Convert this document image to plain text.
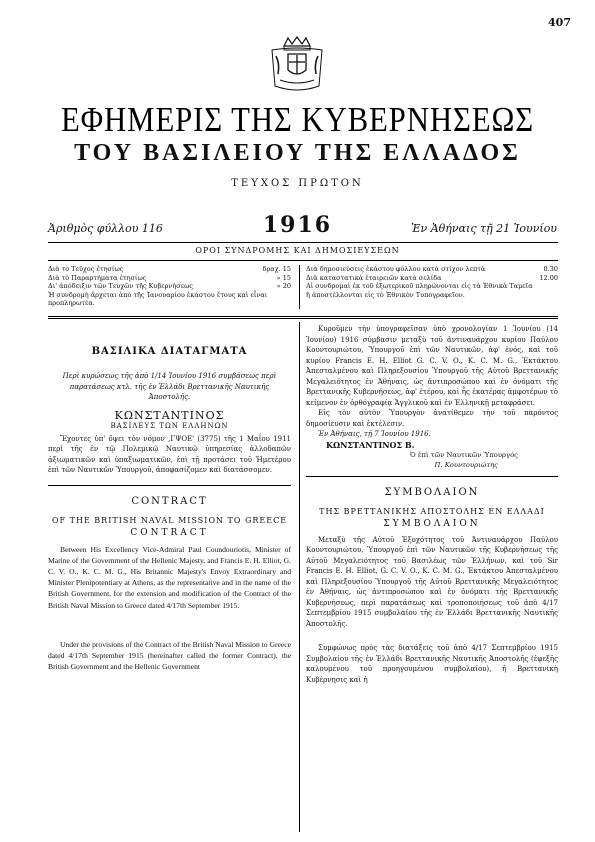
407
ΕΦΗΜΕΡΙΣ ΤΗΣ ΚΥΒΕΡΝΗΣΕΩΣ
ΤΟΥ ΒΑΣΙΛΕΙΟΥ ΤΗΣ ΕΛΛΑΔΟΣ
ΤΕΥΧΟΣ ΠΡΩΤΟΝ
Ἀριθμὸς φύλλου 116	1916	Ἐν Ἀθήναις τῇ 21 Ἰουνίου
ΟΡΟΙ ΣΥΝΔΡΟΜΗΣ ΚΑΙ ΔΗΜΟΣΙΕΥΣΕΩΝ
Διὰ τὸ Τεῦχος ἐτησίως	δραχ. 15
Διὰ τὸ Παραρτήματα ἐτησίως	» 15
Δι' ἀπόδειξιν τῶν Τευχῶν τῆς Κυβερνήσεως	» 20
Ἡ συνδρομὴ ἄρχεται ἀπὸ τῆς Ἰανουαρίου ἑκάστου ἔτους καὶ εἶναι
προπληρωτέα.
Διὰ δημοσιεύσεις ἑκάστου φύλλου κατὰ στίχον λεπτὰ	0.30
Διὰ καταστατικὰ ἑταιρειῶν κατὰ σελίδα	12.00
Αἱ συνδρομαὶ ἐκ τοῦ ἐξωτερικοῦ πληρώνονται εἰς τὰ Ἐθνικὰ Ταμεῖα
ἢ ἀποστέλλονται εἰς τὸ Ἐθνικὸν Τυπογραφεῖον.
ΒΑΣΙΛΙΚΑ ΔΙΑΤΑΓΜΑΤΑ
Περὶ κυρώσεως τῆς ἀπὸ 1/14 Ἰουνίου 1916 συμβάσεως περὶ παρατάσεως κτλ. τῆς ἐν Ἑλλάδι Βρεττανικῆς Ναυτικῆς Ἀποστολῆς.
ΚΩΝΣΤΑΝΤΙΝΟΣ
ΒΑΣΙΛΕΥΣ ΤΩΝ ΕΛΛΗΝΩΝ
Ἔχοντες ὑπ' ὄψει τὸν νόμον ,ΓΨΟΕ' (3775) τῆς 1 Μαΐου 1911 περὶ τῆς ἐν τῷ Πολεμικῷ Ναυτικῷ ὑπηρεσίας ἀλλοδαπῶν ἀξιωματικῶν καὶ ὑπαξιωματικῶν, ἐπὶ τῇ προτάσει τοῦ Ἡμετέρου ἐπὶ τῶν Ναυτικῶν Ὑπουργοῦ, ἀποφασίζομεν καὶ διατάσσομεν.
CONTRACT
OF THE BRITISH NAVAL MISSION TO GREECE
CONTRACT
Between His Excellency Vice-Admiral Paul Coundouriotis, Minister of Marine of the Government of the Hellenic Majesty, and Francis E. H. Elliot, G. C. V. O., K. C. M. G., His Britannic Majesty's Envoy Extraordinary and Minister Plenipotentiary at Athens, as the representative and in the name of the British Government, for the extension and modification of the Contract of the British Naval Mission to Greece dated 4/17th September 1915.
Under the provisions of the Contract of the British Naval Mission to Greece dated 4/17th September 1915 (hereinafter called the former Contract), the British Government and the Hellenic Government
Κυροῦμεν τὴν ὑπογραφεῖσαν ὑπὸ χρονολογίαν 1 Ἰουνίου (14 Ἰουνίου) 1916 σύμβασιν μεταξὺ τοῦ ἀντιναυάρχου κυρίου Παύλου Κουντουριώτου, Ὑπουργοῦ ἐπὶ τῶν Ναυτικῶν, ἀφ' ἑνός, καὶ τοῦ κυρίου Francis E. H. Elliot G. C. V. O., K. C. M. G., Ἐκτάκτου Ἀπεσταλμένου καὶ Πληρεξουσίου Ὑπουργοῦ τῆς Αὐτοῦ Βρεττανικῆς Μεγαλειότητος ἐν Ἀθήναις, ὡς ἀντιπροσώπου καὶ ἐν ὀνόματι τῆς Βρεττανικῆς Κυβερνήσεως, ἀφ' ἑτέρου, καὶ ἧς ἑκατέρας ἀμφοτέρων τὸ κείμενον ἐν ὀρθόγραφίᾳ Ἀγγλικοῦ καὶ ἐν Ἑλληνικῇ μεταφράσει.
Εἰς τὸν αὐτὸν Ὑπουργὸν ἀνατίθεμεν τὴν τοῦ παρόντος δημοσίευσιν καὶ ἐκτέλεσιν.
Ἐν Ἀθήναις, τῇ 7 Ἰουνίου 1916.
ΚΩΝΣΤΑΝΤΙΝΟΣ Β.
Ὁ ἐπὶ τῶν Ναυτικῶν Ὑπουργός
Π. Κουντουριώτης
ΣΥΜΒΟΛΑΙΟΝ
ΤΗΣ ΒΡΕΤΤΑΝΙΚΗΣ ΑΠΟΣΤΟΛΗΣ ΕΝ ΕΛΛΑΔΙ
ΣΥΜΒΟΛΑΙΟΝ
Μεταξὺ τῆς Αὐτοῦ Ἐξοχότητος τοῦ Ἀντιναυάρχου Παύλου Κουντουριώτου, Ὑπουργοῦ ἐπὶ τῶν Ναυτικῶν τῆς Κυβερνήσεως τῆς Αὐτοῦ Μεγαλειότητος τοῦ Βασιλέως τῶν Ἑλλήνων, καὶ τοῦ Sir Francis E. H. Elliot, G. C. V. O., K. C. M. G., Ἐκτάκτου Ἀπεσταλμένου καὶ Πληρεξουσίου Ὑπουργοῦ τῆς Αὐτοῦ Βρεττανικῆς Μεγαλειότητος ἐν Ἀθήναις, ὡς ἀντιπροσώπου καὶ ἐν ὀνόματι τῆς Βρεττανικῆς Κυβερνήσεως, περὶ παρατάσεως καὶ τροποποιήσεως τοῦ ἀπὸ 4/17 Σεπτεμβρίου 1915 συμβολαίου τῆς ἐν Ἑλλάδι Βρεττανικῆς Ναυτικῆς Ἀποστολῆς.
Συμφώνως πρὸς τὰς διατάξεις τοῦ ἀπὸ 4/17 Σεπτεμβρίου 1915 Συμβολαίου τῆς ἐν Ἑλλάδι Βρεττανικῆς Ναυτικῆς Ἀποστολῆς (ἐφεξῆς καλουμένου τοῦ προηγουμένου συμβολαίου), ἡ Βρεττανικὴ Κυβέρνησις καὶ ἡ
